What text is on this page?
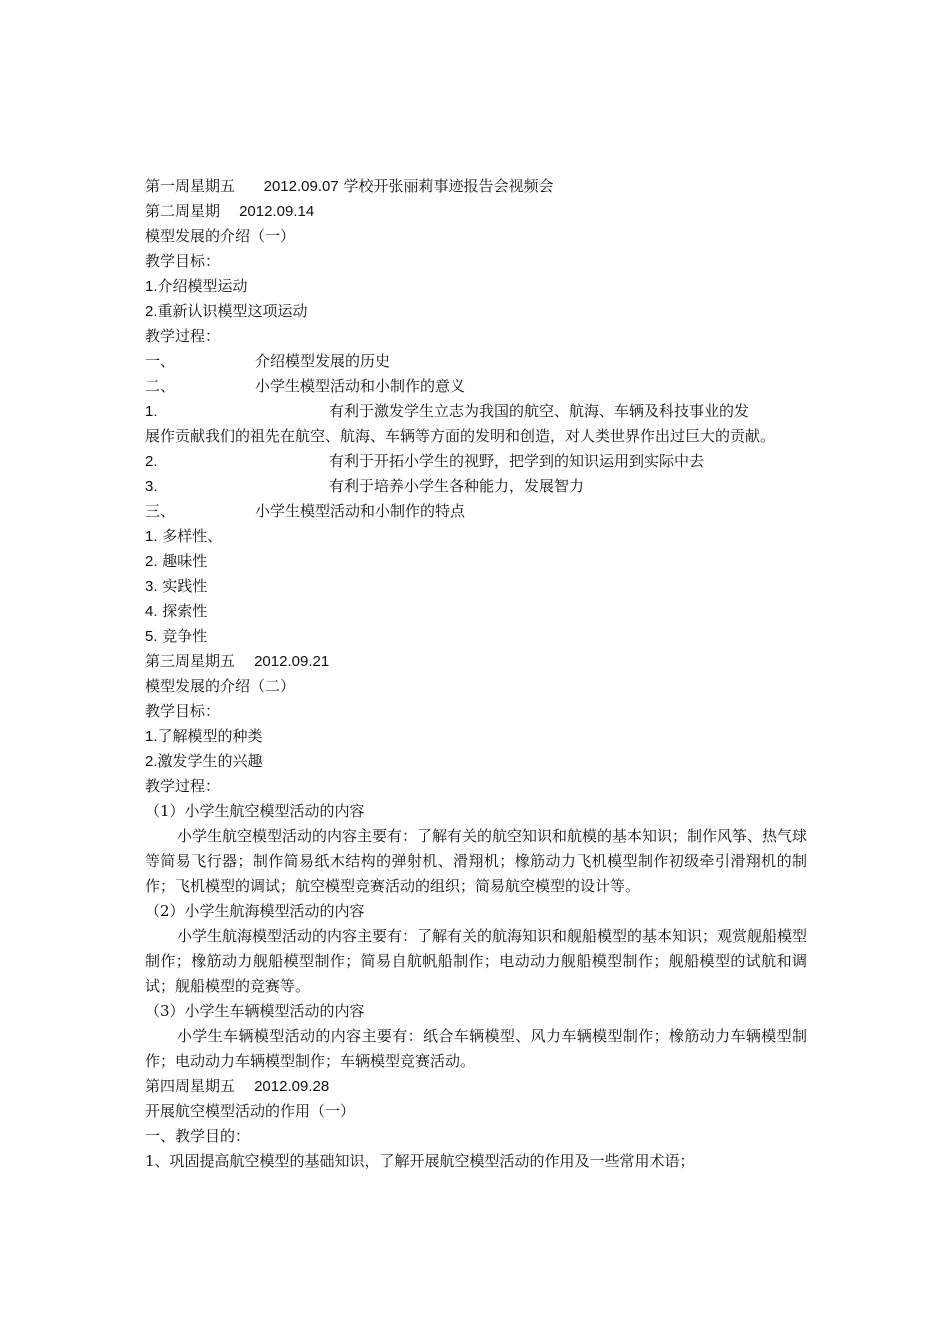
第一周星期五 2012.09.07 学校开张丽莉事迹报告会视频会
第二周星期 2012.09.14
模型发展的介绍（一）
教学目标：
1.介绍模型运动
2.重新认识模型这项运动
教学过程：
一、	介绍模型发展的历史
二、	小学生模型活动和小制作的意义
1.	有利于激发学生立志为我国的航空、航海、车辆及科技事业的发
展作贡献我们的祖先在航空、航海、车辆等方面的发明和创造，对人类世界作出过巨大的贡献。
2.	有利于开拓小学生的视野，把学到的知识运用到实际中去
3.	有利于培养小学生各种能力，发展智力
三、	小学生模型活动和小制作的特点
1. 多样性、
2. 趣味性
3. 实践性
4. 探索性
5. 竞争性
第三周星期五 2012.09.21
模型发展的介绍（二）
教学目标：
1.了解模型的种类
2.激发学生的兴趣
教学过程：
（1）小学生航空模型活动的内容
小学生航空模型活动的内容主要有：了解有关的航空知识和航模的基本知识；制作风筝、热气球等简易飞行器；制作简易纸木结构的弹射机、滑翔机；橡筋动力飞机模型制作初级牵引滑翔机的制作；飞机模型的调试；航空模型竞赛活动的组织；简易航空模型的设计等。
（2）小学生航海模型活动的内容
小学生航海模型活动的内容主要有：了解有关的航海知识和舰船模型的基本知识；观赏舰船模型制作；橡筋动力舰船模型制作；简易自航帆船制作；电动动力舰船模型制作；舰船模型的试航和调试；舰船模型的竞赛等。
（3）小学生车辆模型活动的内容
小学生车辆模型活动的内容主要有：纸合车辆模型、风力车辆模型制作；橡筋动力车辆模型制作；电动动力车辆模型制作；车辆模型竞赛活动。
第四周星期五 2012.09.28
开展航空模型活动的作用（一）
一、教学目的：
1、巩固提高航空模型的基础知识，了解开展航空模型活动的作用及一些常用术语；
